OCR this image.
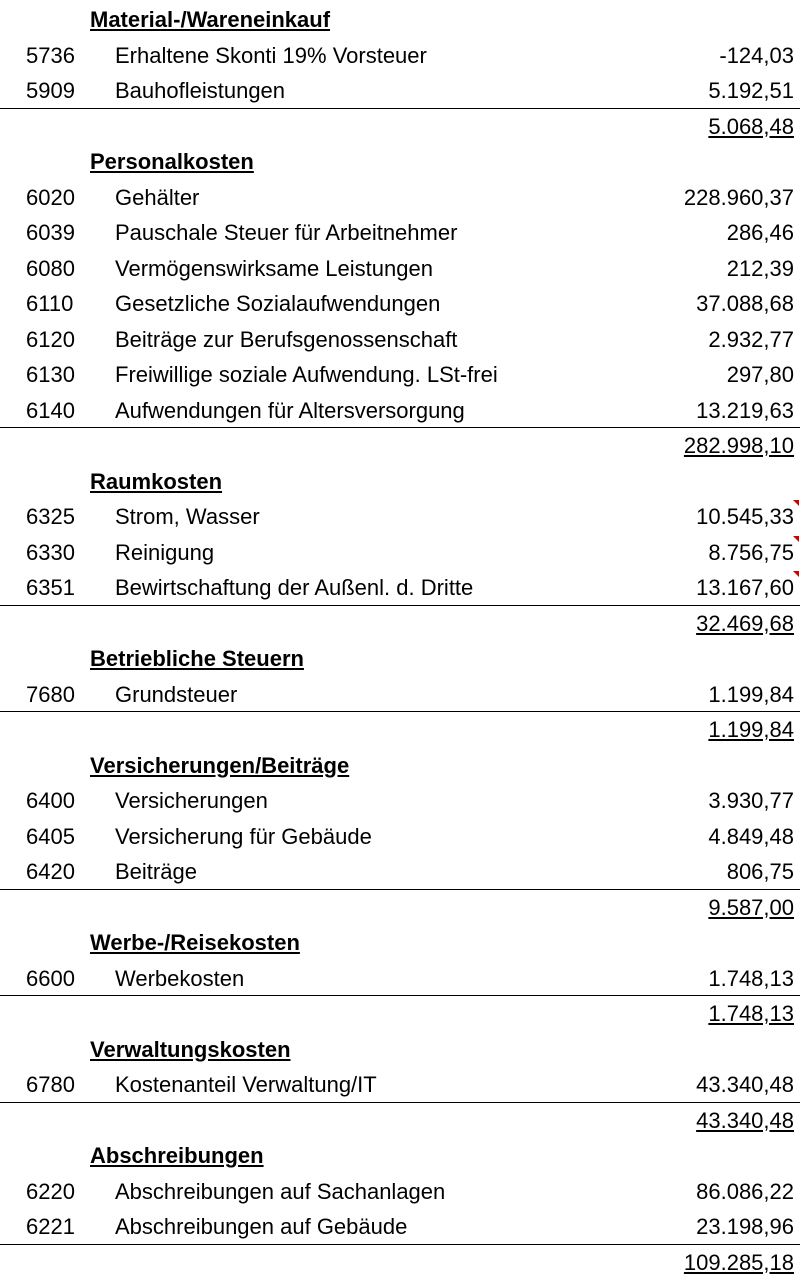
Material-/Wareneinkauf
5736 Erhaltene Skonti 19% Vorsteuer	-124,03
5909 Bauhofleistungen	5.192,51
5.068,48
Personalkosten
6020 Gehälter	228.960,37
6039 Pauschale Steuer für Arbeitnehmer	286,46
6080 Vermögenswirksame Leistungen	212,39
6110 Gesetzliche Sozialaufwendungen	37.088,68
6120 Beiträge zur Berufsgenossenschaft	2.932,77
6130 Freiwillige soziale Aufwendung. LSt-frei	297,80
6140 Aufwendungen für Altersversorgung	13.219,63
282.998,10
Raumkosten
6325 Strom, Wasser	10.545,33
6330 Reinigung	8.756,75
6351 Bewirtschaftung der Außenl. d. Dritte	13.167,60
32.469,68
Betriebliche Steuern
7680 Grundsteuer	1.199,84
1.199,84
Versicherungen/Beiträge
6400 Versicherungen	3.930,77
6405 Versicherung für Gebäude	4.849,48
6420 Beiträge	806,75
9.587,00
Werbe-/Reisekosten
6600 Werbekosten	1.748,13
1.748,13
Verwaltungskosten
6780 Kostenanteil Verwaltung/IT	43.340,48
43.340,48
Abschreibungen
6220 Abschreibungen auf Sachanlagen	86.086,22
6221 Abschreibungen auf Gebäude	23.198,96
109.285,18
